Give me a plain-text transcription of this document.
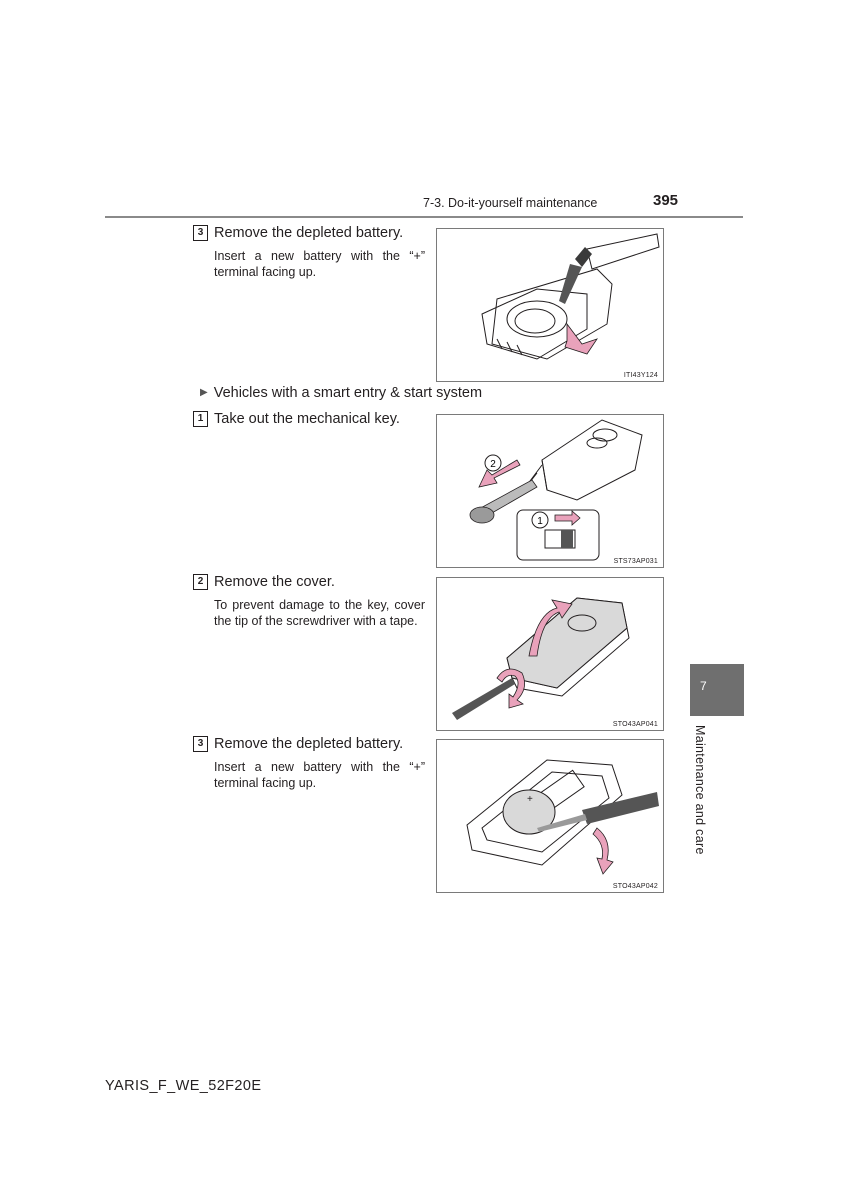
7-3. Do-it-yourself maintenance	395
3 Remove the depleted battery.
Insert a new battery with the “+” terminal facing up.
ITI43Y124
▶ Vehicles with a smart entry & start system
1 Take out the mechanical key.
2
1
STS73AP031
2 Remove the cover.
To prevent damage to the key, cover the tip of the screwdriver with a tape.
STO43AP041
3 Remove the depleted battery.
Insert a new battery with the “+” terminal facing up.
+
STO43AP042
7
Maintenance and care
YARIS_F_WE_52F20E
